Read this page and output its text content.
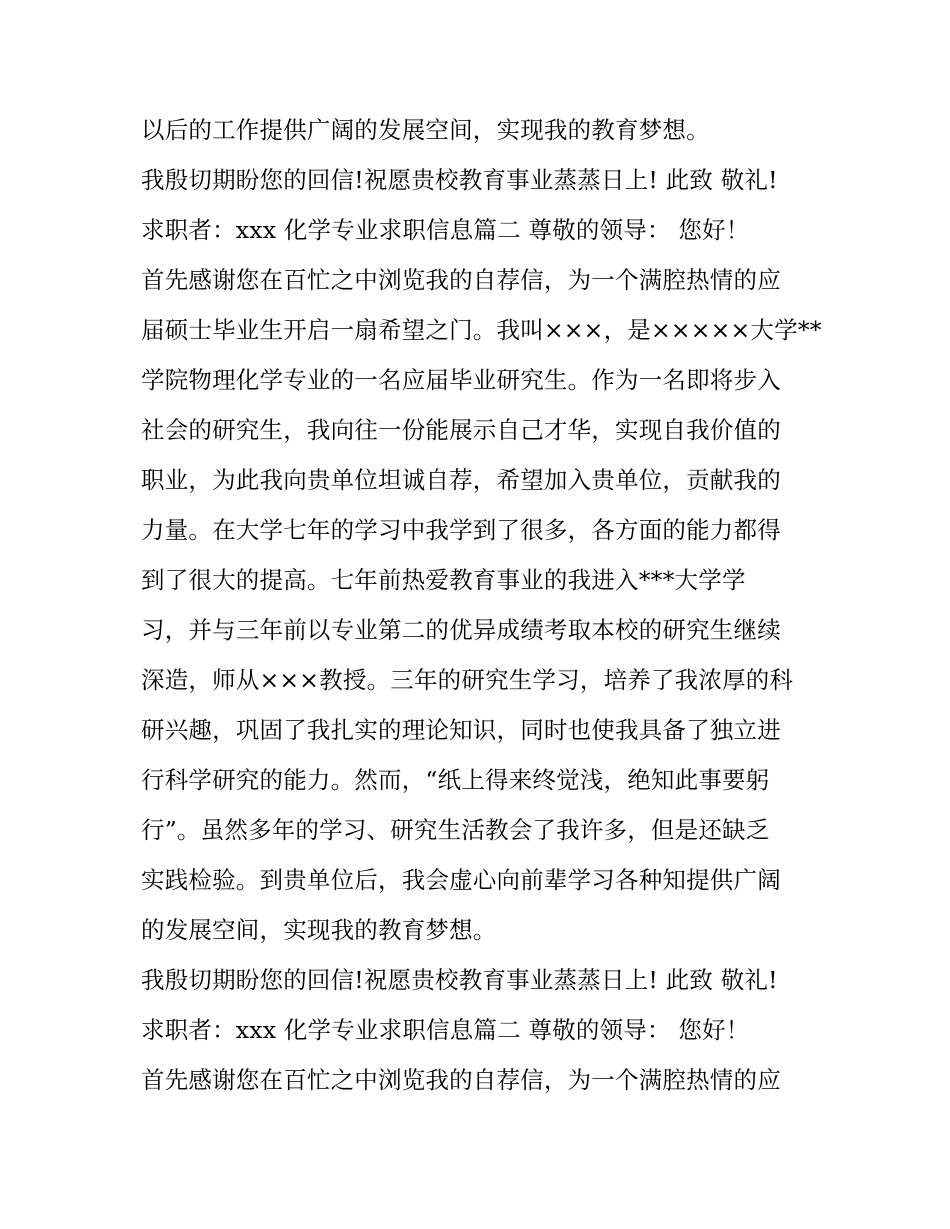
以后的工作提供广阔的发展空间，实现我的教育梦想。
我殷切期盼您的回信!祝愿贵校教育事业蒸蒸日上! 此致 敬礼!
求职者：xxx 化学专业求职信息篇二 尊敬的领导： 您好！
首先感谢您在百忙之中浏览我的自荐信，为一个满腔热情的应
届硕士毕业生开启一扇希望之门。我叫×××，是×××××大学**
学院物理化学专业的一名应届毕业研究生。作为一名即将步入
社会的研究生，我向往一份能展示自己才华，实现自我价值的
职业，为此我向贵单位坦诚自荐，希望加入贵单位，贡献我的
力量。在大学七年的学习中我学到了很多，各方面的能力都得
到了很大的提高。七年前热爱教育事业的我进入***大学学
习，并与三年前以专业第二的优异成绩考取本校的研究生继续
深造，师从×××教授。三年的研究生学习，培养了我浓厚的科
研兴趣，巩固了我扎实的理论知识，同时也使我具备了独立进
行科学研究的能力。然而，“纸上得来终觉浅，绝知此事要躬
行”。虽然多年的学习、研究生活教会了我许多，但是还缺乏
实践检验。到贵单位后，我会虚心向前辈学习各种知提供广阔
的发展空间，实现我的教育梦想。
我殷切期盼您的回信!祝愿贵校教育事业蒸蒸日上! 此致 敬礼!
求职者：xxx 化学专业求职信息篇二 尊敬的领导： 您好！
首先感谢您在百忙之中浏览我的自荐信，为一个满腔热情的应
